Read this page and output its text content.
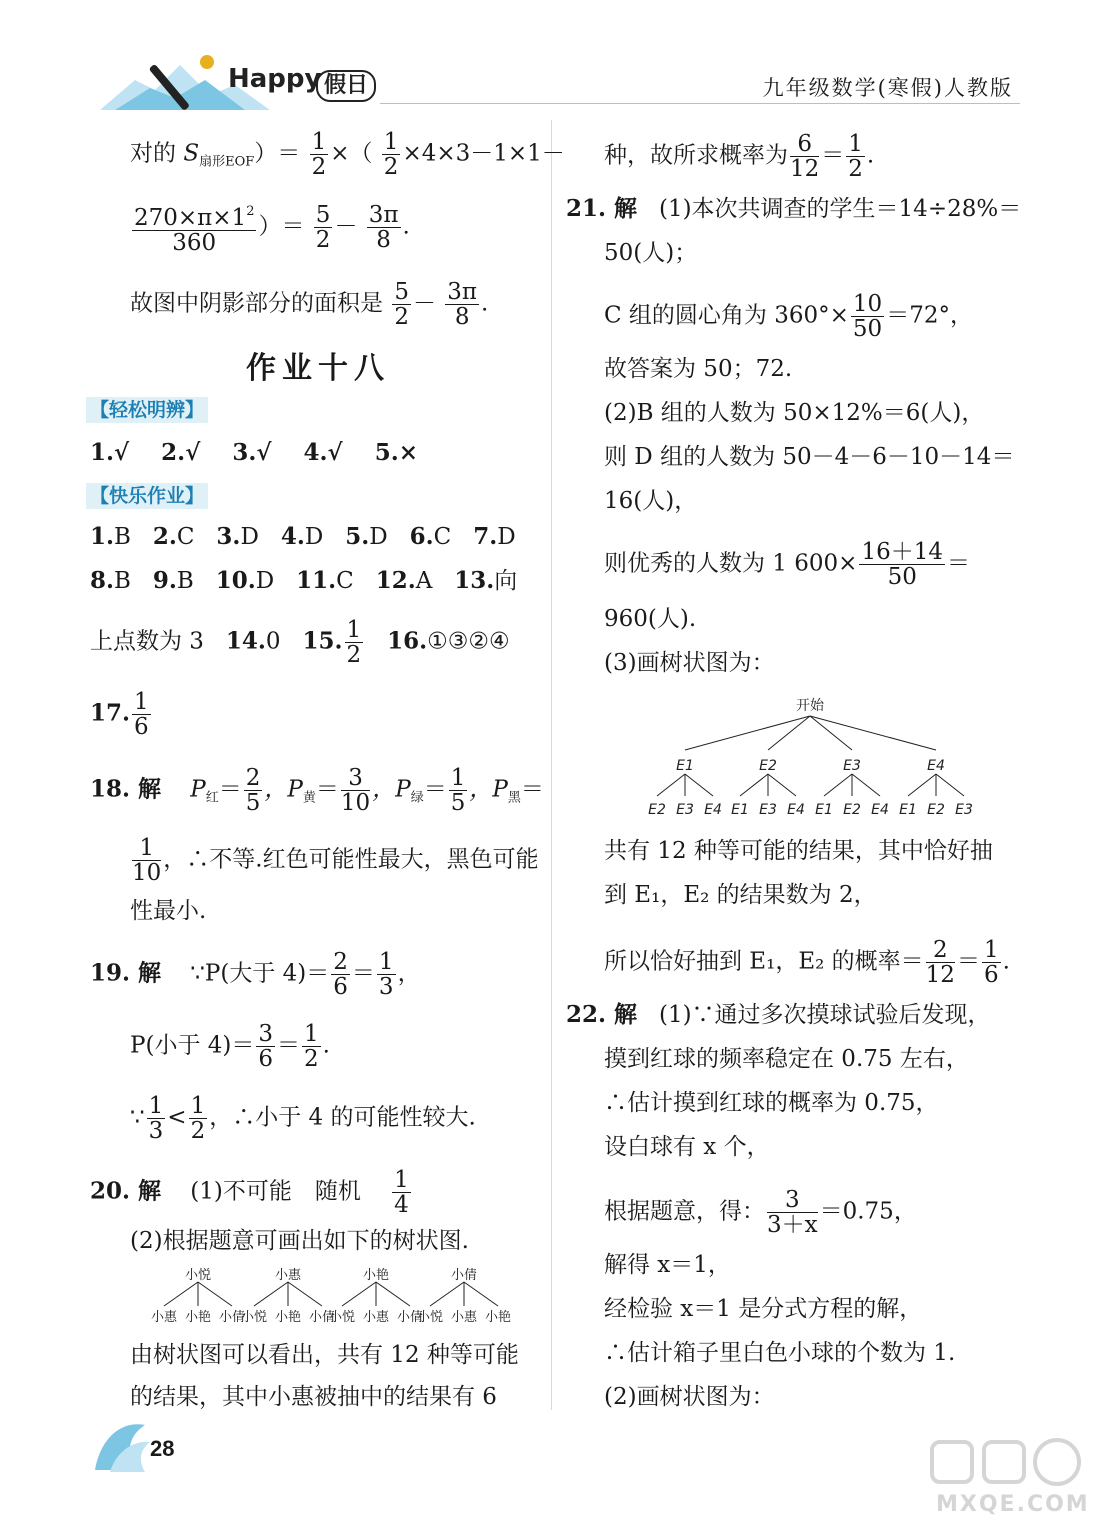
Happy 假日	九年级数学(寒假)人教版
对的 $S_{扇形EOF})= \frac{1}{2}$ ×（ $\frac{1}{2} \times 4\times 3-1\times 1-$
$\frac{270\times\pi\times 1^2}{360}$ ）＝ $\frac{5}{2} - \frac{3\pi}{8}$ .
故图中阴影部分的面积是 $\frac{5}{2} - \frac{3\pi}{8}$ .
作业十八
【轻松明辨】
1.√ 2.√ 3.√ 4.√ 5.×
【快乐作业】
1.B 2.C 3.D 4.D 5.D 6.C 7.D
8.B 9.B 10.D 11.C 12.A 13.向
上点数为 3 14.0 15. $\frac{1}{2}$ 16.①③②④
17. $\frac{1}{6}$
18. 解 $P_红= \frac{2}{5}$ ，$P_黄= \frac{3}{10}$ ，$P_绿= \frac{1}{5}$ ，$P_黑=$
$\frac{1}{10}$ ，∴不等.红色可能性最大，黑色可能
性最小.
19. 解 ∵P(大于 $4)= \frac{2}{6} = \frac{1}{3}$ ，
P(小于 $4)= \frac{3}{6} = \frac{1}{2}$ .
∵ $\frac{1}{3} < \frac{1}{2}$ ，∴小于 4 的可能性较大.
20. 解 (1)不可能　随机 $\frac{1}{4}$
(2)根据题意可画出如下的树状图.
小悦	小惠	小艳	小倩
小惠 小艳 小倩
小悦 小艳 小倩
小悦 小惠 小倩
小悦 小惠 小艳
由树状图可以看出，共有 12 种等可能
的结果，其中小惠被抽中的结果有 6
种，故所求概率为 $\frac{6}{12} = \frac{1}{2}$ .
21. 解 (1)本次共调查的学生＝14÷28%＝
50(人)；
C 组的圆心角为 $360^\circ\times \frac{10}{50} =72^\circ$，
故答案为 50；72.
(2)B 组的人数为 50×12%＝6(人)，
则 D 组的人数为 50－4－6－10－14＝
16(人)，
则优秀的人数为 1 $600\times \frac{16+14}{50}$ ＝
960(人).
(3)画树状图为：
开始
E1	E2	E3	E4
E2 E3 E4 E1 E3 E4 E1 E2 E4 E1 E2 E3
共有 12 种等可能的结果，其中恰好抽
到 E₁，E₂ 的结果数为 2，
所以恰好抽到 E₁，E₂ 的概率＝ $\frac{2}{12} = \frac{1}{6}$ .
22. 解 (1)∵通过多次摸球试验后发现，
摸到红球的频率稳定在 0.75 左右，
∴估计摸到红球的概率为 0.75，
设白球有 x 个，
根据题意，得： $\frac{3}{3+x} =0.75$，
解得 x＝1，
经检验 x＝1 是分式方程的解，
∴估计箱子里白色小球的个数为 1.
(2)画树状图为：
28
MXQE.COM
